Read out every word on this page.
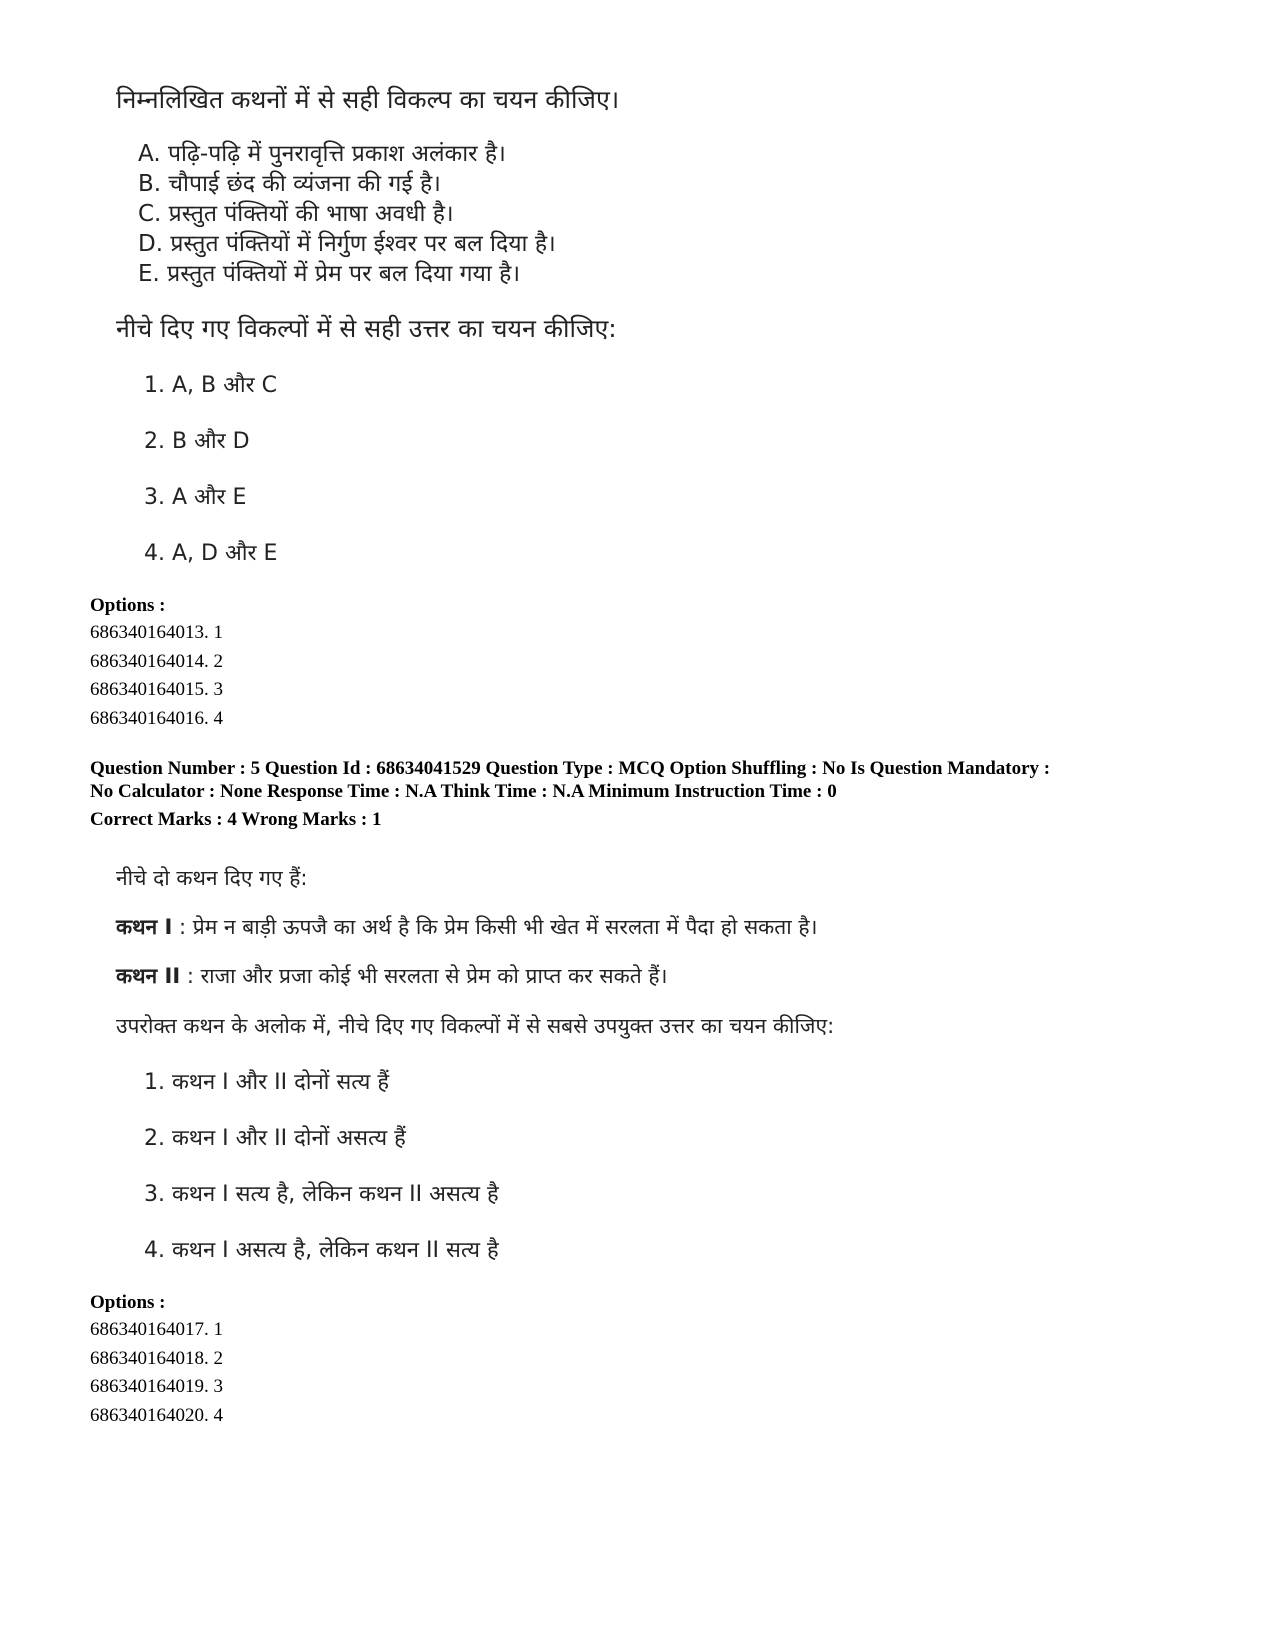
निम्नलिखित कथनों में से सही विकल्प का चयन कीजिए।
A. पढ़ि-पढ़ि में पुनरावृत्ति प्रकाश अलंकार है।
B. चौपाई छंद की व्यंजना की गई है।
C. प्रस्तुत पंक्तियों की भाषा अवधी है।
D. प्रस्तुत पंक्तियों में निर्गुण ईश्वर पर बल दिया है।
E. प्रस्तुत पंक्तियों में प्रेम पर बल दिया गया है।
नीचे दिए गए विकल्पों में से सही उत्तर का चयन कीजिए:
1. A, B और C
2. B और D
3. A और E
4. A, D और E
Options :
686340164013. 1
686340164014. 2
686340164015. 3
686340164016. 4
Question Number : 5 Question Id : 68634041529 Question Type : MCQ Option Shuffling : No Is Question Mandatory :
No Calculator : None Response Time : N.A Think Time : N.A Minimum Instruction Time : 0
Correct Marks : 4 Wrong Marks : 1
नीचे दो कथन दिए गए हैं:
कथन I : प्रेम न बाड़ी ऊपजै का अर्थ है कि प्रेम किसी भी खेत में सरलता में पैदा हो सकता है।
कथन II : राजा और प्रजा कोई भी सरलता से प्रेम को प्राप्त कर सकते हैं।
उपरोक्त कथन के अलोक में, नीचे दिए गए विकल्पों में से सबसे उपयुक्त उत्तर का चयन कीजिए:
1. कथन I और II दोनों सत्य हैं
2. कथन I और II दोनों असत्य हैं
3. कथन I सत्य है, लेकिन कथन II असत्य है
4. कथन I असत्य है, लेकिन कथन II सत्य है
Options :
686340164017. 1
686340164018. 2
686340164019. 3
686340164020. 4
